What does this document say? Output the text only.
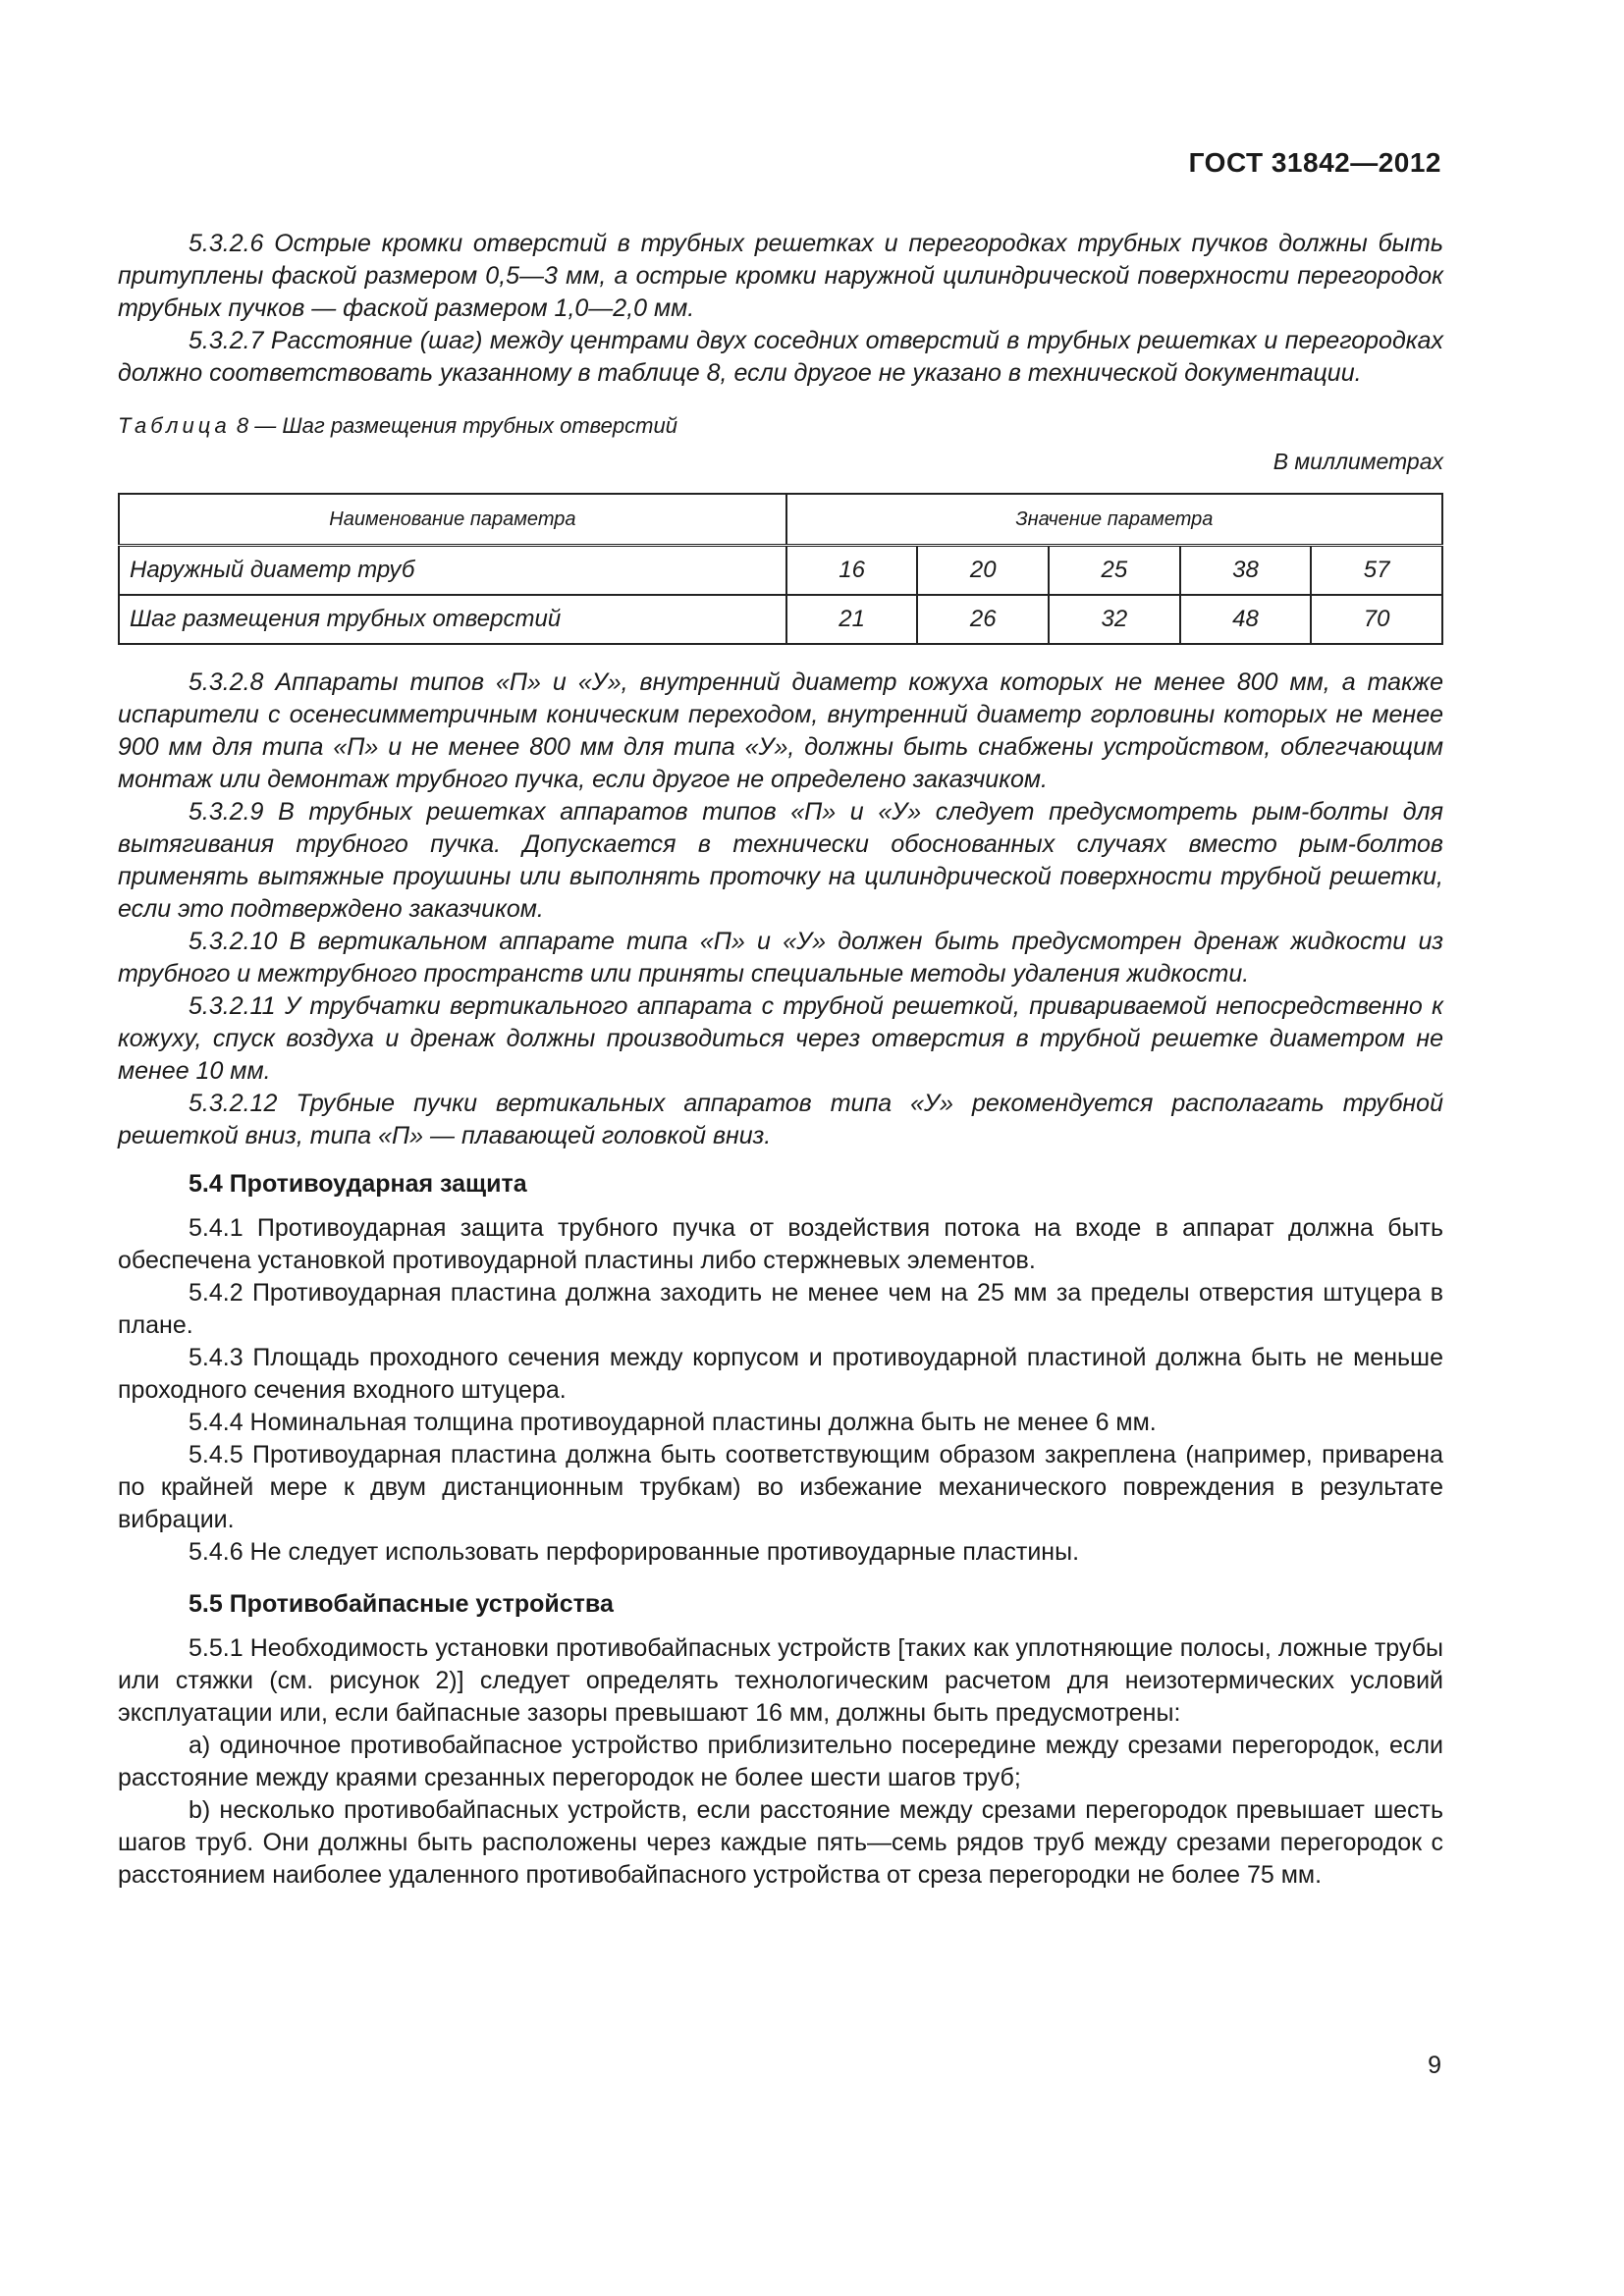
ГОСТ 31842—2012

5.3.2.6 Острые кромки отверстий в трубных решетках и перегородках трубных пучков должны быть притуплены фаской размером 0,5—3 мм, а острые кромки наружной цилиндрической поверхности перегородок трубных пучков — фаской размером 1,0—2,0 мм.

5.3.2.7 Расстояние (шаг) между центрами двух соседних отверстий в трубных решетках и перегородках должно соответствовать указанному в таблице 8, если другое не указано в технической документации.

Таблица 8 — Шаг размещения трубных отверстий
В миллиметрах
Наименование параметра	Значение параметра				
Наружный диаметр труб	16	20	25	38	57
Шаг размещения трубных отверстий	21	26	32	48	70

5.3.2.8 Аппараты типов «П» и «У», внутренний диаметр кожуха которых не менее 800 мм, а также испарители с осенесимметричным коническим переходом, внутренний диаметр горловины которых не менее 900 мм для типа «П» и не менее 800 мм для типа «У», должны быть снабжены устройством, облегчающим монтаж или демонтаж трубного пучка, если другое не определено заказчиком.

5.3.2.9 В трубных решетках аппаратов типов «П» и «У» следует предусмотреть рым-болты для вытягивания трубного пучка. Допускается в технически обоснованных случаях вместо рым-болтов применять вытяжные проушины или выполнять проточку на цилиндрической поверхности трубной решетки, если это подтверждено заказчиком.

5.3.2.10 В вертикальном аппарате типа «П» и «У» должен быть предусмотрен дренаж жидкости из трубного и межтрубного пространств или приняты специальные методы удаления жидкости.

5.3.2.11 У трубчатки вертикального аппарата с трубной решеткой, привариваемой непосредственно к кожуху, спуск воздуха и дренаж должны производиться через отверстия в трубной решетке диаметром не менее 10 мм.

5.3.2.12 Трубные пучки вертикальных аппаратов типа «У» рекомендуется располагать трубной решеткой вниз, типа «П» — плавающей головкой вниз.

5.4 Противоударная защита

5.4.1 Противоударная защита трубного пучка от воздействия потока на входе в аппарат должна быть обеспечена установкой противоударной пластины либо стержневых элементов.

5.4.2 Противоударная пластина должна заходить не менее чем на 25 мм за пределы отверстия штуцера в плане.

5.4.3 Площадь проходного сечения между корпусом и противоударной пластиной должна быть не меньше проходного сечения входного штуцера.

5.4.4 Номинальная толщина противоударной пластины должна быть не менее 6 мм.

5.4.5 Противоударная пластина должна быть соответствующим образом закреплена (например, приварена по крайней мере к двум дистанционным трубкам) во избежание механического повреждения в результате вибрации.

5.4.6 Не следует использовать перфорированные противоударные пластины.

5.5 Противобайпасные устройства

5.5.1 Необходимость установки противобайпасных устройств [таких как уплотняющие полосы, ложные трубы или стяжки (см. рисунок 2)] следует определять технологическим расчетом для неизотермических условий эксплуатации или, если байпасные зазоры превышают 16 мм, должны быть предусмотрены:

a) одиночное противобайпасное устройство приблизительно посередине между срезами перегородок, если расстояние между краями срезанных перегородок не более шести шагов труб;

b) несколько противобайпасных устройств, если расстояние между срезами перегородок превышает шесть шагов труб. Они должны быть расположены через каждые пять—семь рядов труб между срезами перегородок с расстоянием наиболее удаленного противобайпасного устройства от среза перегородки не более 75 мм.

9
